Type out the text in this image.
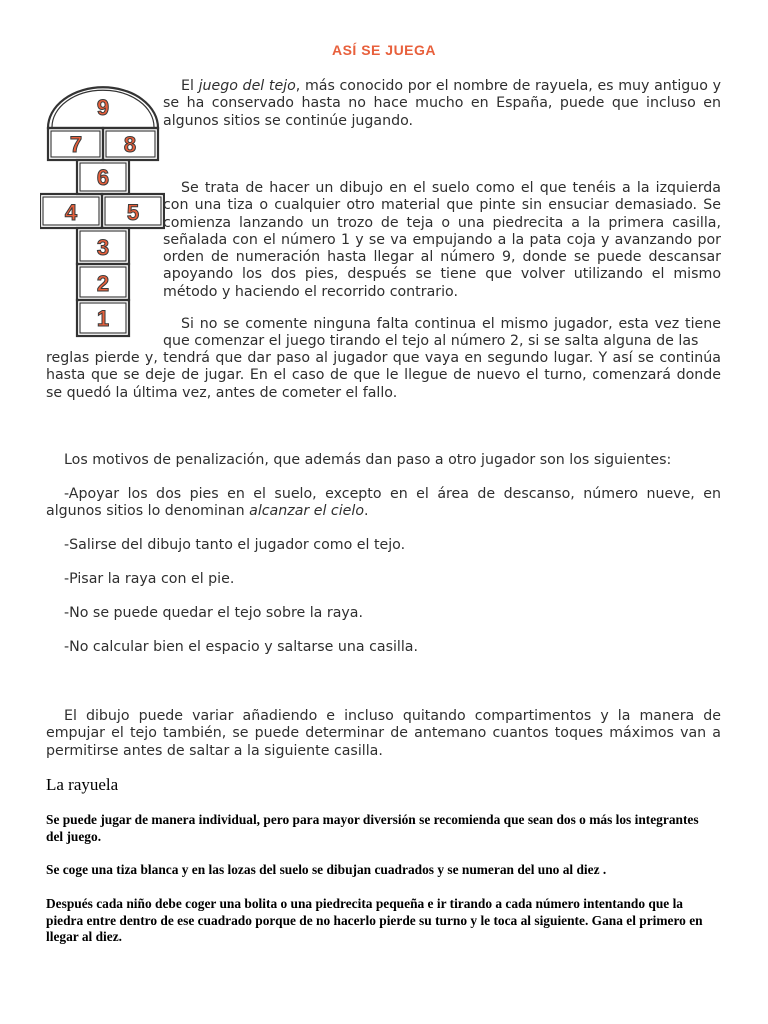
ASÍ SE JUEGA
9
7 8
6
4 5
3
2
1
El juego del tejo, más conocido por el nombre de rayuela, es muy antiguo y se ha conservado hasta no hace mucho en España, puede que incluso en algunos sitios se continúe jugando.
Se trata de hacer un dibujo en el suelo como el que tenéis a la izquierda con una tiza o cualquier otro material que pinte sin ensuciar demasiado. Se comienza lanzando un trozo de teja o una piedrecita a la primera casilla, señalada con el número 1 y se va empujando a la pata coja y avanzando por orden de numeración hasta llegar al número 9, donde se puede descansar apoyando los dos pies, después se tiene que volver utilizando el mismo método y haciendo el recorrido contrario.
Si no se comente ninguna falta continua el mismo jugador, esta vez tiene que comenzar el juego tirando el tejo al número 2, si se salta alguna de las
reglas pierde y, tendrá que dar paso al jugador que vaya en segundo lugar. Y así se continúa hasta que se deje de jugar. En el caso de que le llegue de nuevo el turno, comenzará donde se quedó la última vez, antes de cometer el fallo.
Los motivos de penalización, que además dan paso a otro jugador son los siguientes:
-Apoyar los dos pies en el suelo, excepto en el área de descanso, número nueve, en algunos sitios lo denominan alcanzar el cielo.
-Salirse del dibujo tanto el jugador como el tejo.
-Pisar la raya con el pie.
-No se puede quedar el tejo sobre la raya.
-No calcular bien el espacio y saltarse una casilla.
El dibujo puede variar añadiendo e incluso quitando compartimentos y la manera de empujar el tejo también, se puede determinar de antemano cuantos toques máximos van a permitirse antes de saltar a la siguiente casilla.
La rayuela
Se puede jugar de manera individual, pero para mayor diversión se recomienda que sean dos o más los integrantes del juego.
Se coge una tiza blanca y en las lozas del suelo se dibujan cuadrados y se numeran del uno al diez .
Después cada niño debe coger una bolita o una piedrecita pequeña e ir tirando a cada número intentando que la piedra entre dentro de ese cuadrado porque de no hacerlo pierde su turno y le toca al siguiente. Gana el primero en llegar al diez.
